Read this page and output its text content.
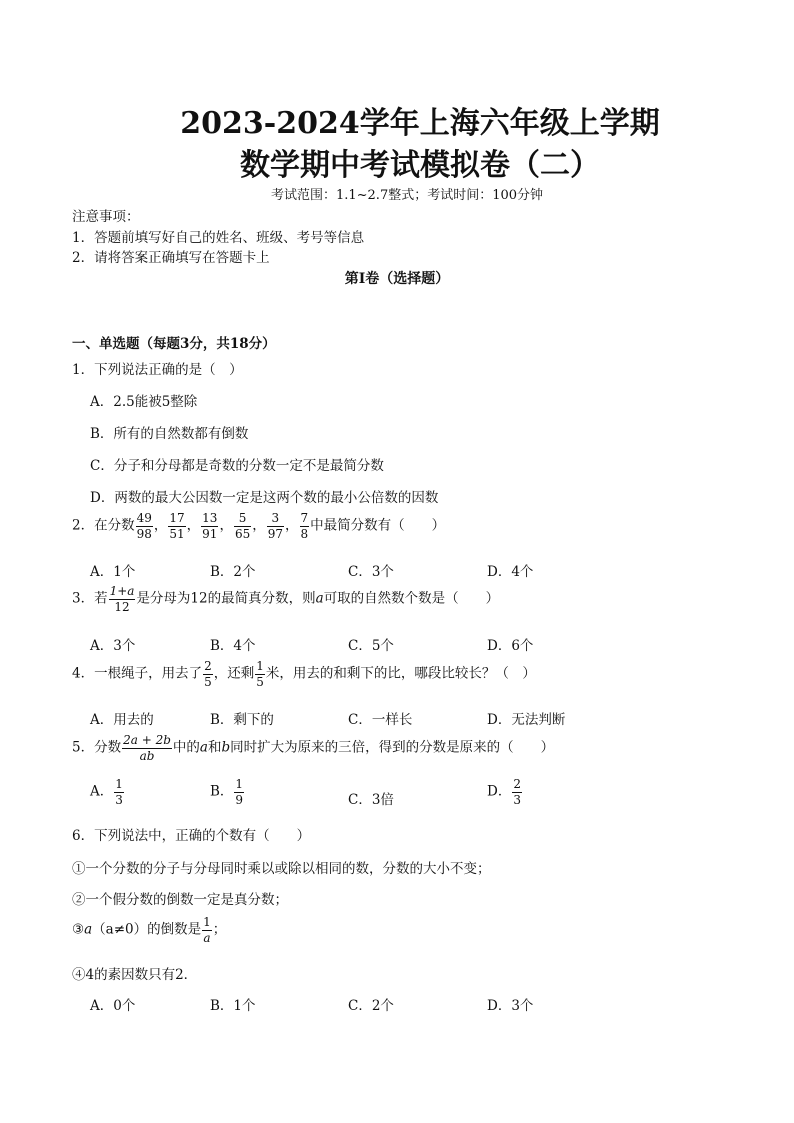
2023-2024学年上海六年级上学期
数学期中考试模拟卷（二）
考试范围：1.1~2.7整式；考试时间：100分钟
注意事项：
1．答题前填写好自己的姓名、班级、考号等信息
2．请将答案正确填写在答题卡上
第I卷（选择题）
一、单选题（每题3分，共18分）
1．下列说法正确的是（　）
A．2.5能被5整除
B．所有的自然数都有倒数
C．分子和分母都是奇数的分数一定不是最简分数
D．两数的最大公因数一定是这两个数的最小公倍数的因数
2．在分数 $\frac{49}{98}$ ， $\frac{17}{51}$ ， $\frac{13}{91}$ ， $\frac{5}{65}$ ， $\frac{3}{97}$ ， $\frac{7}{8}$ 中最简分数有（　　）
A．1个	B．2个	C．3个	D．4个
3．若 $\frac{1+a}{12}$ 是分母为12的最简真分数，则a可取的自然数个数是（　　）
A．3个	B．4个	C．5个	D．6个
4．一根绳子，用去了 $\frac{2}{5}$ ，还剩 $\frac{1}{5}$ 米，用去的和剩下的比，哪段比较长？（　）
A．用去的	B．剩下的	C．一样长	D．无法判断
5．分数 $\frac{2a + 2b}{ab}$ 中的a和b同时扩大为原来的三倍，得到的分数是原来的（　　）
A． $\frac{1}{3}$	B． $\frac{1}{9}$	C．3倍
D． $\frac{2}{3}$
6．下列说法中，正确的个数有（　　）
①一个分数的分子与分母同时乘以或除以相同的数，分数的大小不变；
②一个假分数的倒数一定是真分数；
③a（a≠0）的倒数是 $\frac{1}{a}$ ；
④4的素因数只有2．
A．0个	B．1个	C．2个	D．3个
